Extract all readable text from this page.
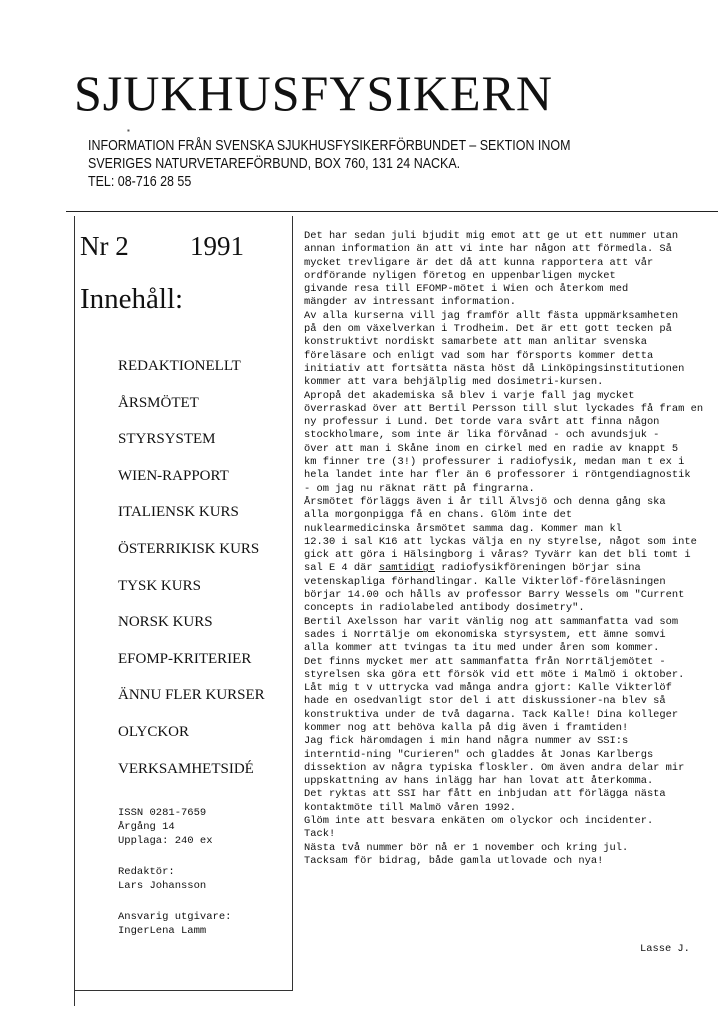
SJUKHUSFYSIKERN
INFORMATION FRÅN SVENSKA SJUKHUSFYSIKERFÖRBUNDET – SEKTION INOM
SVERIGES NATURVETAREFÖRBUND, BOX 760, 131 24 NACKA.
TEL: 08-716 28 55
Nr 2 1991
Innehåll:
REDAKTIONELLT
ÅRSMÖTET
STYRSYSTEM
WIEN-RAPPORT
ITALIENSK KURS
ÖSTERRIKISK KURS
TYSK KURS
NORSK KURS
EFOMP-KRITERIER
ÄNNU FLER KURSER
OLYCKOR
VERKSAMHETSIDÉ
ISSN 0281-7659
Årgång 14
Upplaga: 240 ex
Redaktör:
Lars Johansson
Ansvarig utgivare:
IngerLena Lamm
Det har sedan juli bjudit mig emot att ge ut ett nummer utan
annan information än att vi inte har någon att förmedla. Så
mycket trevligare är det då att kunna rapportera att vår
ordförande nyligen företog en uppenbarligen mycket
givande resa till EFOMP-mötet i Wien och återkom med
mängder av intressant information.
Av alla kurserna vill jag framför allt fästa uppmärksamheten
på den om växelverkan i Trodheim. Det är ett gott tecken på
konstruktivt nordiskt samarbete att man anlitar svenska
föreläsare och enligt vad som har försports kommer detta
initiativ att fortsätta nästa höst då Linköpingsinstitutionen
kommer att vara behjälplig med dosimetri-kursen.
Apropå det akademiska så blev i varje fall jag mycket
överraskad över att Bertil Persson till slut lyckades få fram en
ny professur i Lund. Det torde vara svårt att finna någon
stockholmare, som inte är lika förvånad - och avundsjuk -
över att man i Skåne inom en cirkel med en radie av knappt 5
km finner tre (3!) professurer i radiofysik, medan man t ex i
hela landet inte har fler än 6 professorer i röntgendiagnostik
- om jag nu räknat rätt på fingrarna.
Årsmötet förläggs även i år till Älvsjö och denna gång ska
alla morgonpigga få en chans. Glöm inte det
nuklearmedicinska årsmötet samma dag. Kommer man kl
12.30 i sal K16 att lyckas välja en ny styrelse, något som inte
gick att göra i Hälsingborg i våras? Tyvärr kan det bli tomt i
sal E 4 där samtidigt radiofysikföreningen börjar sina
vetenskapliga förhandlingar. Kalle Vikterlöf-föreläsningen
börjar 14.00 och hålls av professor Barry Wessels om "Current
concepts in radiolabeled antibody dosimetry".
Bertil Axelsson har varit vänlig nog att sammanfatta vad som
sades i Norrtälje om ekonomiska styrsystem, ett ämne somvi
alla kommer att tvingas ta itu med under åren som kommer.
Det finns mycket mer att sammanfatta från Norrtäljemötet -
styrelsen ska göra ett försök vid ett möte i Malmö i oktober.
Låt mig t v uttrycka vad många andra gjort: Kalle Vikterlöf
hade en osedvanligt stor del i att diskussioner-na blev så
konstruktiva under de två dagarna. Tack Kalle! Dina kolleger
kommer nog att behöva kalla på dig även i framtiden!
Jag fick häromdagen i min hand några nummer av SSI:s
interntid-ning "Curieren" och gladdes åt Jonas Karlbergs
dissektion av några typiska floskler. Om även andra delar mir
uppskattning av hans inlägg har han lovat att återkomma.
Det ryktas att SSI har fått en inbjudan att förlägga nästa
kontaktmöte till Malmö våren 1992.
Glöm inte att besvara enkäten om olyckor och incidenter.
Tack!
Nästa två nummer bör nå er 1 november och kring jul.
Tacksam för bidrag, både gamla utlovade och nya!
Lasse J.
▪
